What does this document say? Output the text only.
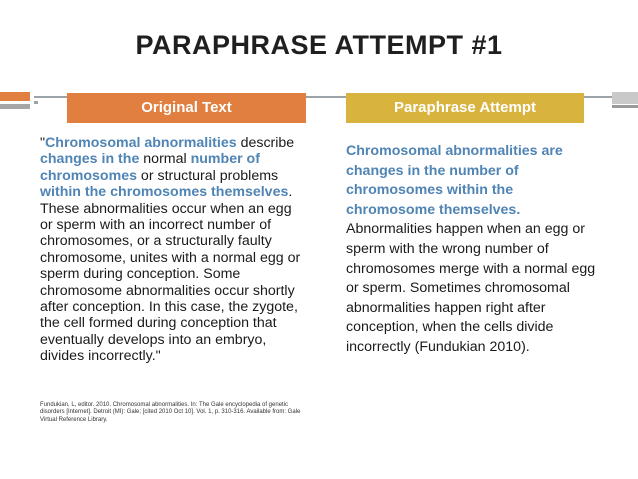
PARAPHRASE ATTEMPT #1
Original Text	Paraphrase Attempt
"Chromosomal abnormalities describe changes in the normal number of chromosomes or structural problems within the chromosomes themselves. These abnormalities occur when an egg or sperm with an incorrect number of chromosomes, or a structurally faulty chromosome, unites with a normal egg or sperm during conception. Some chromosome abnormalities occur shortly after conception. In this case, the zygote, the cell formed during conception that eventually develops into an embryo, divides incorrectly."
Fundukian, L, editor. 2010. Chromosomal abnormalities. In: The Gale encyclopedia of genetic disorders [Internet]. Detroit (MI): Gale; [cited 2010 Oct 10]. Vol. 1, p. 310-316. Available from: Gale Virtual Reference Library.
Chromosomal abnormalities are changes in the number of chromosomes within the chromosome themselves. Abnormalities happen when an egg or sperm with the wrong number of chromosomes merge with a normal egg or sperm. Sometimes chromosomal abnormalities happen right after conception, when the cells divide incorrectly (Fundukian 2010).
